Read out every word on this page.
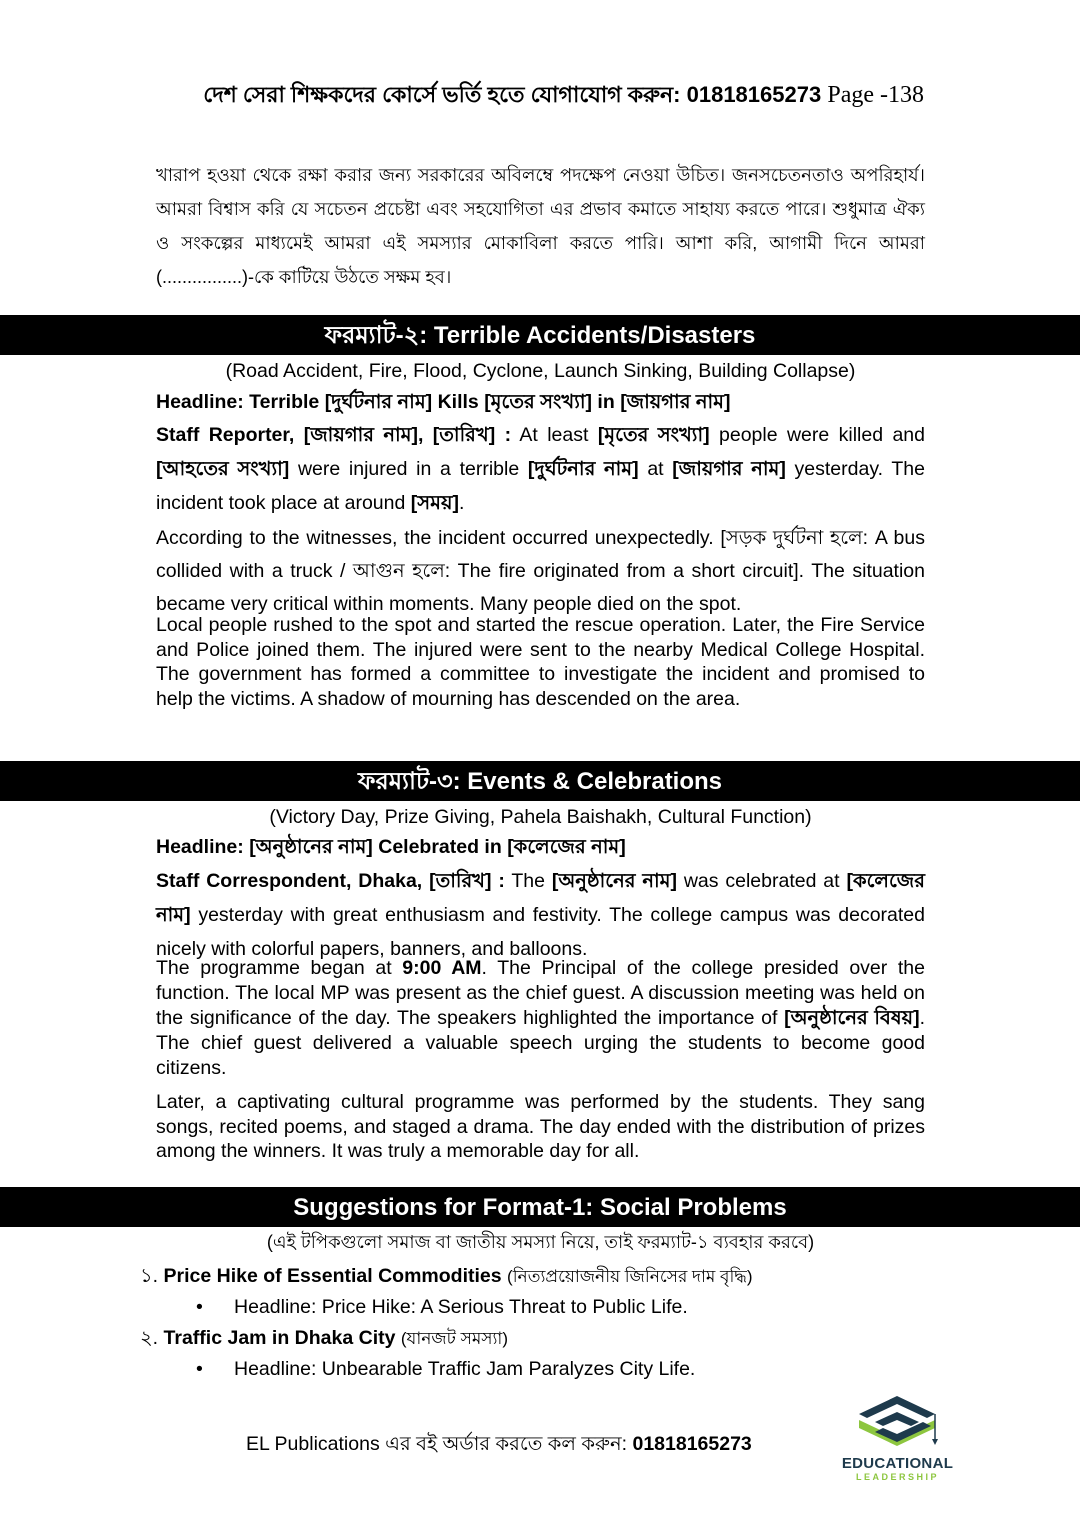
দেশ সেরা শিক্ষকদের কোর্সে ভর্তি হতে যোগাযোগ করুন: 01818165273 Page -138
খারাপ হওয়া থেকে রক্ষা করার জন্য সরকারের অবিলম্বে পদক্ষেপ নেওয়া উচিত। জনসচেতনতাও অপরিহার্য। আমরা বিশ্বাস করি যে সচেতন প্রচেষ্টা এবং সহযোগিতা এর প্রভাব কমাতে সাহায্য করতে পারে। শুধুমাত্র ঐক্য ও সংকল্পের মাধ্যমেই আমরা এই সমস্যার মোকাবিলা করতে পারি। আশা করি, আগামী দিনে আমরা (................)-কে কাটিয়ে উঠতে সক্ষম হব।
ফরম্যাট-২: Terrible Accidents/Disasters
(Road Accident, Fire, Flood, Cyclone, Launch Sinking, Building Collapse)
Headline: Terrible [দুর্ঘটনার নাম] Kills [মৃতের সংখ্যা] in [জায়গার নাম]
Staff Reporter, [জায়গার নাম], [তারিখ] : At least [মৃতের সংখ্যা] people were killed and [আহতের সংখ্যা] were injured in a terrible [দুর্ঘটনার নাম] at [জায়গার নাম] yesterday. The incident took place at around [সময়].
According to the witnesses, the incident occurred unexpectedly. [সড়ক দুর্ঘটনা হলে: A bus collided with a truck / আগুন হলে: The fire originated from a short circuit]. The situation became very critical within moments. Many people died on the spot.
Local people rushed to the spot and started the rescue operation. Later, the Fire Service and Police joined them. The injured were sent to the nearby Medical College Hospital. The government has formed a committee to investigate the incident and promised to help the victims. A shadow of mourning has descended on the area.
ফরম্যাট-৩: Events & Celebrations
(Victory Day, Prize Giving, Pahela Baishakh, Cultural Function)
Headline: [অনুষ্ঠানের নাম] Celebrated in [কলেজের নাম]
Staff Correspondent, Dhaka, [তারিখ] : The [অনুষ্ঠানের নাম] was celebrated at [কলেজের নাম] yesterday with great enthusiasm and festivity. The college campus was decorated nicely with colorful papers, banners, and balloons.
The programme began at 9:00 AM. The Principal of the college presided over the function. The local MP was present as the chief guest. A discussion meeting was held on the significance of the day. The speakers highlighted the importance of [অনুষ্ঠানের বিষয়]. The chief guest delivered a valuable speech urging the students to become good citizens.
Later, a captivating cultural programme was performed by the students. They sang songs, recited poems, and staged a drama. The day ended with the distribution of prizes among the winners. It was truly a memorable day for all.
Suggestions for Format-1: Social Problems
(এই টপিকগুলো সমাজ বা জাতীয় সমস্যা নিয়ে, তাই ফরম্যাট-১ ব্যবহার করবে)
১. Price Hike of Essential Commodities (নিত্যপ্রয়োজনীয় জিনিসের দাম বৃদ্ধি)
• Headline: Price Hike: A Serious Threat to Public Life.
২. Traffic Jam in Dhaka City (যানজট সমস্যা)
• Headline: Unbearable Traffic Jam Paralyzes City Life.
EL Publications এর বই অর্ডার করতে কল করুন: 01818165273
EDUCATIONAL
LEADERSHIP
